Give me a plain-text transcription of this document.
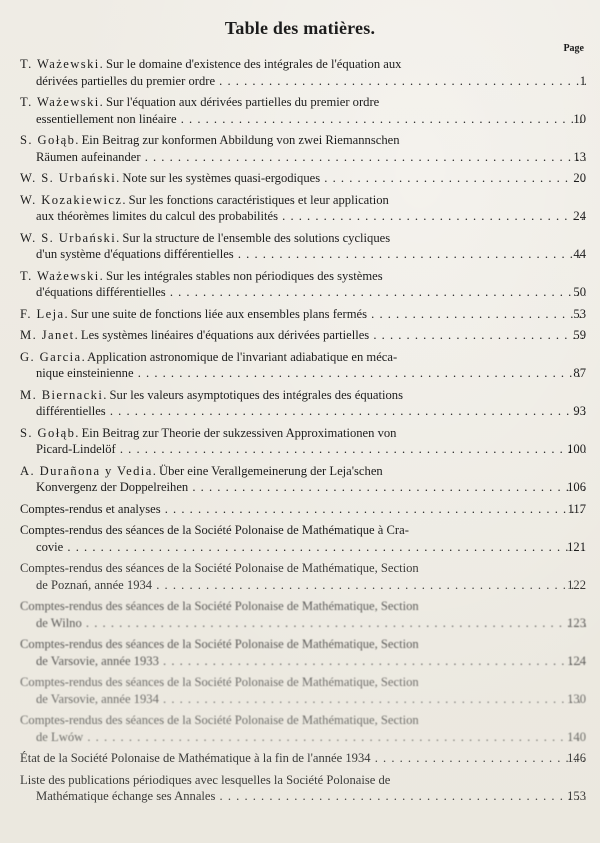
Table des matières.
Page
T. Ważewski. Sur le domaine d'existence des intégrales de l'équation aux
dérivées partielles du premier ordre . . .	1
T. Ważewski. Sur l'équation aux dérivées partielles du premier ordre
essentiellement non linéaire . . .	10
S. Gołąb. Ein Beitrag zur konformen Abbildung von zwei Riemannschen
Räumen aufeinander . . .	13
W. S. Urbański. Note sur les systèmes quasi-ergodiques . . .	20
W. Kozakiewicz. Sur les fonctions caractéristiques et leur application
aux théorèmes limites du calcul des probabilités . . .	24
W. S. Urbański. Sur la structure de l'ensemble des solutions cycliques
d'un système d'équations différentielles . . .	44
T. Ważewski. Sur les intégrales stables non périodiques des systèmes
d'équations différentielles . . .	50
F. Leja. Sur une suite de fonctions liée aux ensembles plans fermés . . .	53
M. Janet. Les systèmes linéaires d'équations aux dérivées partielles . . .	59
G. Garcia. Application astronomique de l'invariant adiabatique en méca-
nique einsteinienne . . .	87
M. Biernacki. Sur les valeurs asymptotiques des intégrales des équations
différentielles . . .	93
S. Gołąb. Ein Beitrag zur Theorie der sukzessiven Approximationen von
Picard-Lindelöf . . .	100
A. Durañona y Vedia. Über eine Verallgemeinerung der Leja'schen
Konvergenz der Doppelreihen . . .	106
Comptes-rendus et analyses . . .	117
Comptes-rendus des séances de la Société Polonaise de Mathématique à Cra-
covie . . .	121
Comptes-rendus des séances de la Société Polonaise de Mathématique, Section
de Poznań, année 1934 . . .	122
Comptes-rendus des séances de la Société Polonaise de Mathématique, Section
de Wilno . . .	123
Comptes-rendus des séances de la Société Polonaise de Mathématique, Section
de Varsovie, année 1933 . . .	124
Comptes-rendus des séances de la Société Polonaise de Mathématique, Section
de Varsovie, année 1934 . . .	130
Comptes-rendus des séances de la Société Polonaise de Mathématique, Section
de Lwów . . .	140
État de la Société Polonaise de Mathématique à la fin de l'année 1934 . . .	146
Liste des publications périodiques avec lesquelles la Société Polonaise de
Mathématique échange ses Annales . . .	153
